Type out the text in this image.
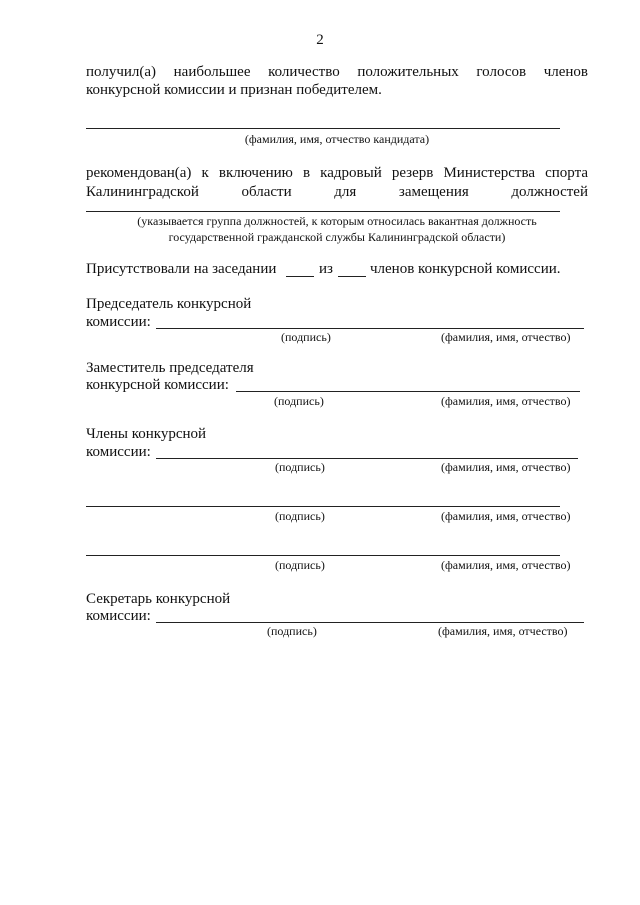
2
получил(а) наибольшее количество положительных голосов членов
конкурсной комиссии и признан победителем.
(фамилия, имя, отчество кандидата)
рекомендован(а) к включению в кадровый резерв Министерства спорта
Калининградской области для замещения должностей
(указывается группа должностей, к которым относилась вакантная должность
государственной гражданской службы Калининградской области)
Присутствовали на заседании	из членов конкурсной комиссии.
Председатель конкурсной
комиссии:
(подпись)	(фамилия, имя, отчество)
Заместитель председателя
конкурсной комиссии:
(подпись)	(фамилия, имя, отчество)
Члены конкурсной
комиссии:
(подпись)	(фамилия, имя, отчество)
(подпись)	(фамилия, имя, отчество)
(подпись)	(фамилия, имя, отчество)
Секретарь конкурсной
комиссии:
(подпись)	(фамилия, имя, отчество)
